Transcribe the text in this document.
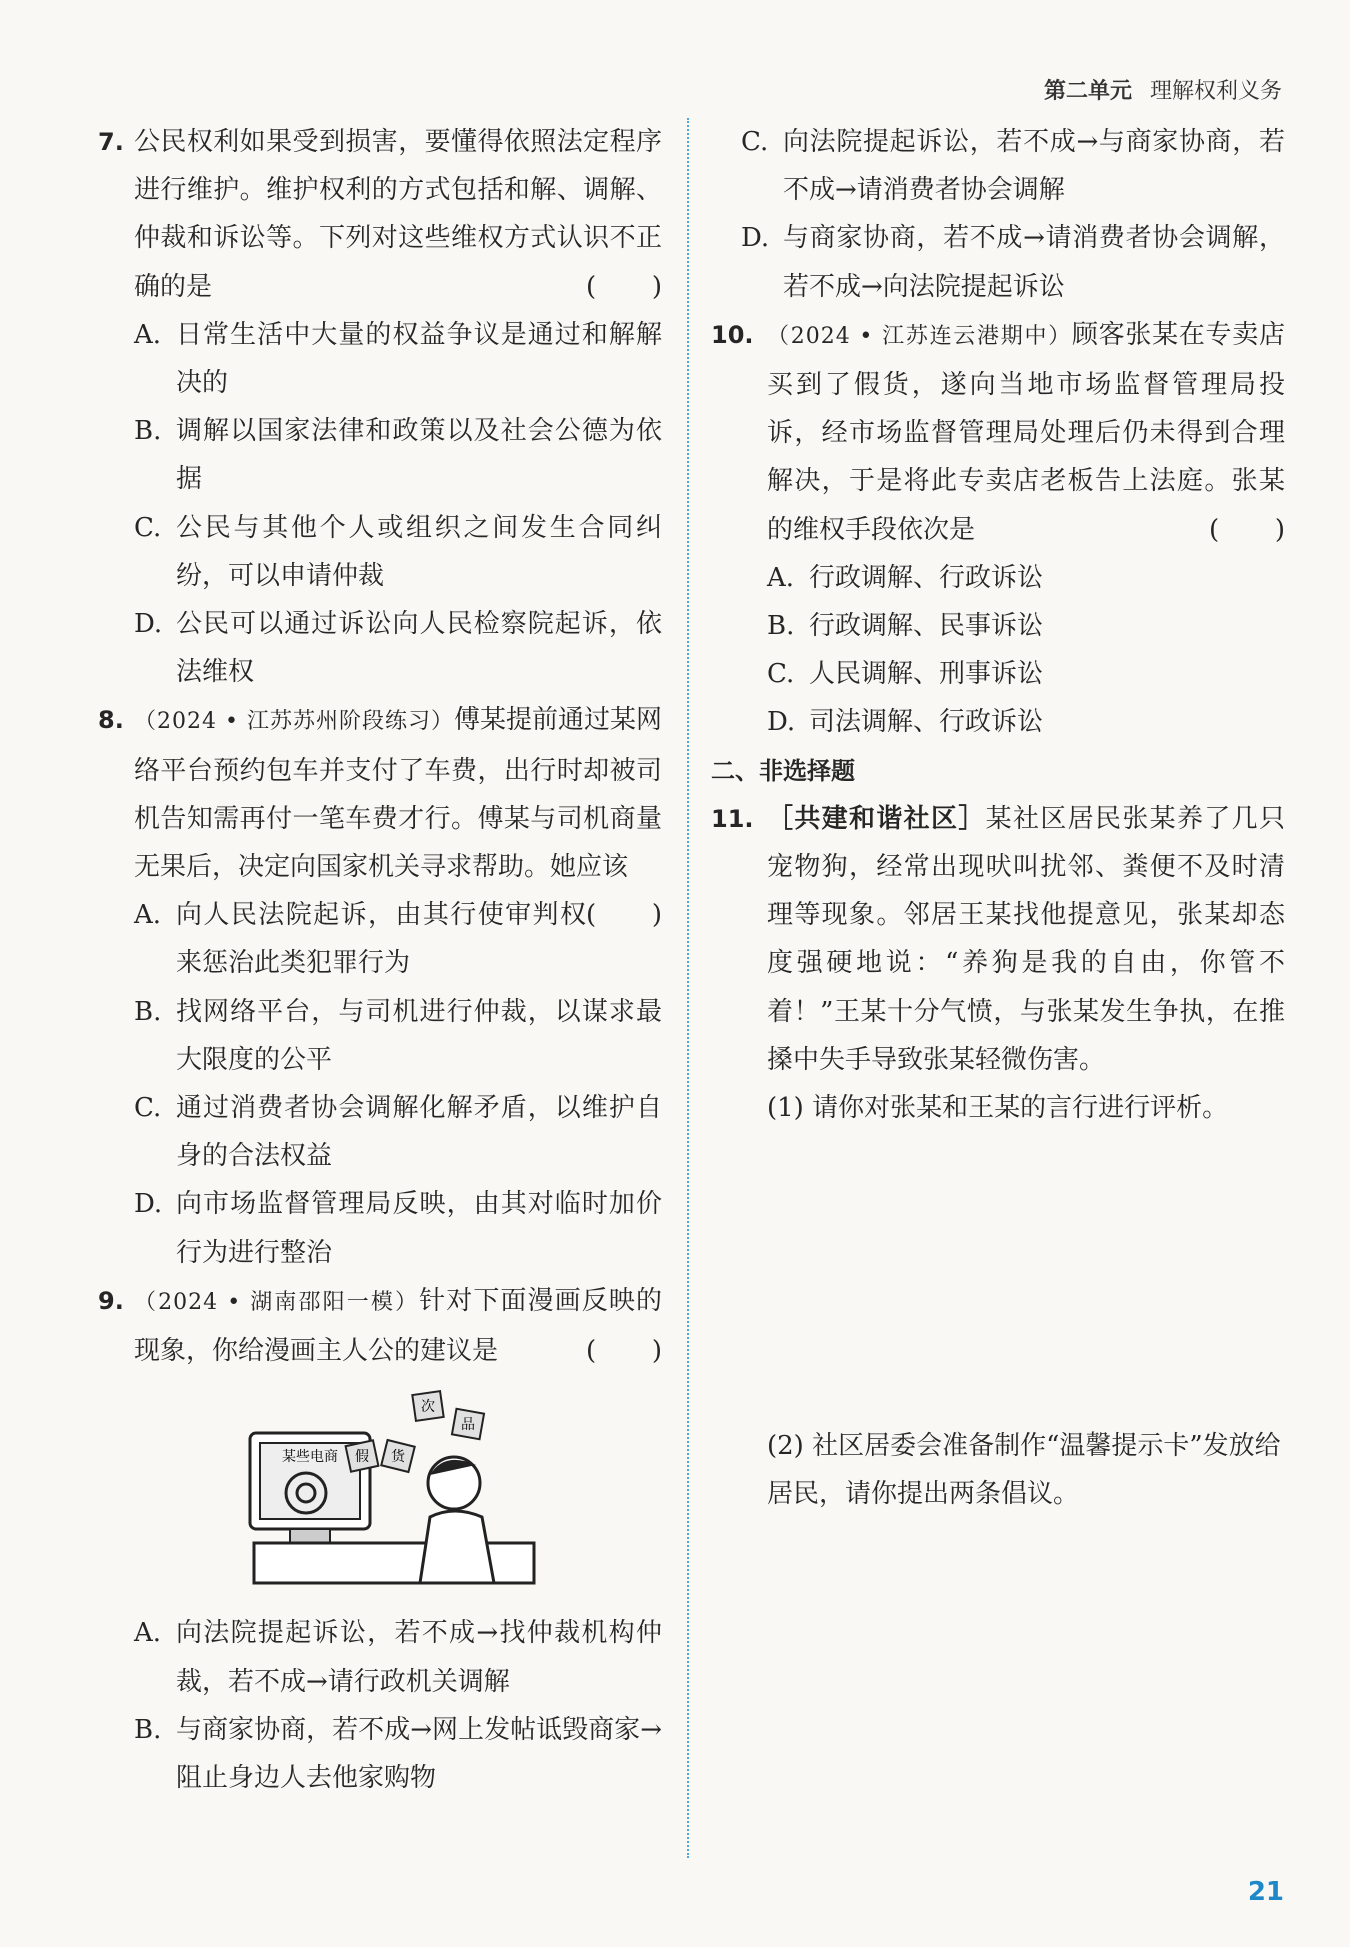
第二单元 理解权利义务
7. 公民权利如果受到损害，要懂得依照法定程序进行维护。维护权利的方式包括和解、调解、仲裁和诉讼等。下列对这些维权方式认识不正确的是
( )
A. 日常生活中大量的权益争议是通过和解解决的
B. 调解以国家法律和政策以及社会公德为依据
C. 公民与其他个人或组织之间发生合同纠纷，可以申请仲裁
D. 公民可以通过诉讼向人民检察院起诉，依法维权
8. （2024 • 江苏苏州阶段练习）傅某提前通过某网络平台预约包车并支付了车费，出行时却被司机告知需再付一笔车费才行。傅某与司机商量无果后，决定向国家机关寻求帮助。她应该
( )
A. 向人民法院起诉，由其行使审判权来惩治此类犯罪行为
B. 找网络平台，与司机进行仲裁，以谋求最大限度的公平
C. 通过消费者协会调解化解矛盾，以维护自身的合法权益
D. 向市场监督管理局反映，由其对临时加价行为进行整治
9. （2024 • 湖南邵阳一模）针对下面漫画反映的现象，你给漫画主人公的建议是
( )
某些电商
次
品
假 货
A. 向法院提起诉讼，若不成→找仲裁机构仲裁，若不成→请行政机关调解
B. 与商家协商，若不成→网上发帖诋毁商家→阻止身边人去他家购物
C. 向法院提起诉讼，若不成→与商家协商，若不成→请消费者协会调解
D. 与商家协商，若不成→请消费者协会调解，若不成→向法院提起诉讼
10. （2024 • 江苏连云港期中）顾客张某在专卖店买到了假货，遂向当地市场监督管理局投诉，经市场监督管理局处理后仍未得到合理解决，于是将此专卖店老板告上法庭。张某的维权手段依次是
( )
A. 行政调解、行政诉讼
B. 行政调解、民事诉讼
C. 人民调解、刑事诉讼
D. 司法调解、行政诉讼
二、非选择题
11. ［共建和谐社区］某社区居民张某养了几只宠物狗，经常出现吠叫扰邻、粪便不及时清理等现象。邻居王某找他提意见，张某却态度强硬地说：“养狗是我的自由，你管不着！”王某十分气愤，与张某发生争执，在推搡中失手导致张某轻微伤害。
(1) 请你对张某和王某的言行进行评析。
(2) 社区居委会准备制作“温馨提示卡”发放给居民，请你提出两条倡议。
21
